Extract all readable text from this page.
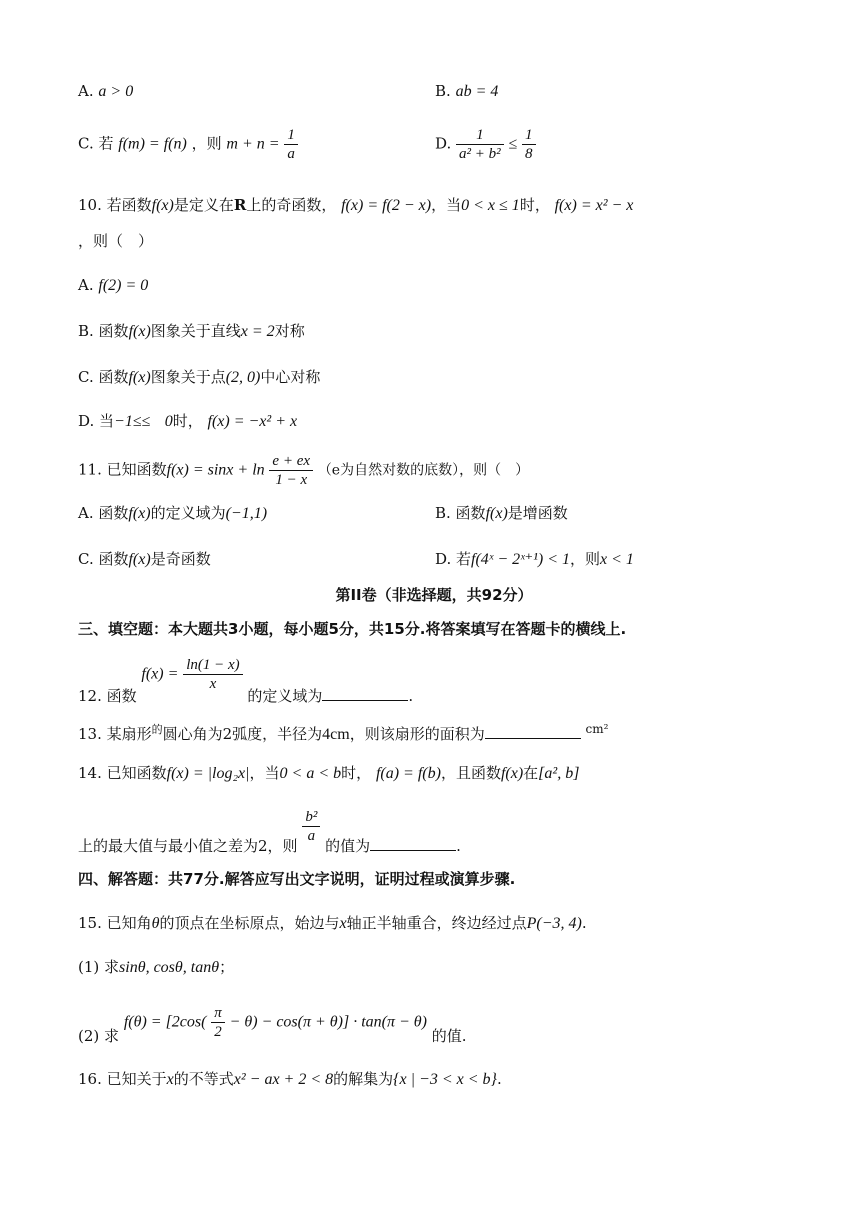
A. a > 0	B. ab = 4
C. 若 f(m) = f(n) ，则 $m + n = \frac{1}{a}$	D. $\frac{1}{\text{a² + b²}} \le \frac{1}{8}$
10. 若函数f(x)是定义在R上的奇函数， f(x) = f(2 − x)，当0 < x ≤ 1时， f(x) = x² − x
，则（　）
A. f(2) = 0
B. 函数f(x)图象关于直线x = 2对称
C. 函数f(x)图象关于点(2, 0)中心对称
D. 当−1≤≤ 0时， f(x) = −x² + x
11. 已知函数$f(x) = \sin x + \ln \frac{e + ex}{1 - x} (e$为自然对数的底数），则（　）
A. 函数f(x)的定义域为(−1,1)	B. 函数f(x)是增函数
C. 函数f(x)是奇函数	D. 若f(4ˣ − 2ˣ⁺¹) < 1，则x < 1
第II卷（非选择题，共92分）
三、填空题：本大题共3小题，每小题5分，共15分.将答案填写在答题卡的横线上.
12. 函数 $f(x) = \frac{\ln(1 - x)}{x}$
的定义域为	.
13. 某扇形$^的$圆心角为2弧度，半径为4cm，则该扇形的面积为	$^{cm^2}$
14. 已知函数f(x) = |log₂x|，当0 < a < b时， f(a) = f(b)，且函数f(x)在[a², b]
上的最大值与最小值之差为2，则
$\frac{\text{b²}}{a}$
的值为	.
四、解答题：共77分.解答应写出文字说明，证明过程或演算步骤.
15. 已知角θ的顶点在坐标原点，始边与x轴正半轴重合，终边经过点P(−3, 4).
(1) 求sinθ, cosθ, tanθ；
(2) 求 $f(\theta) = [2\cos( \frac{\pi}{2} - \theta) - \cos(\pi + \theta)] \cdot \tan(\pi - \theta)$ 的值.
16. 已知关于x的不等式x² − ax + 2 < 8的解集为{x | −3 < x < b}.
